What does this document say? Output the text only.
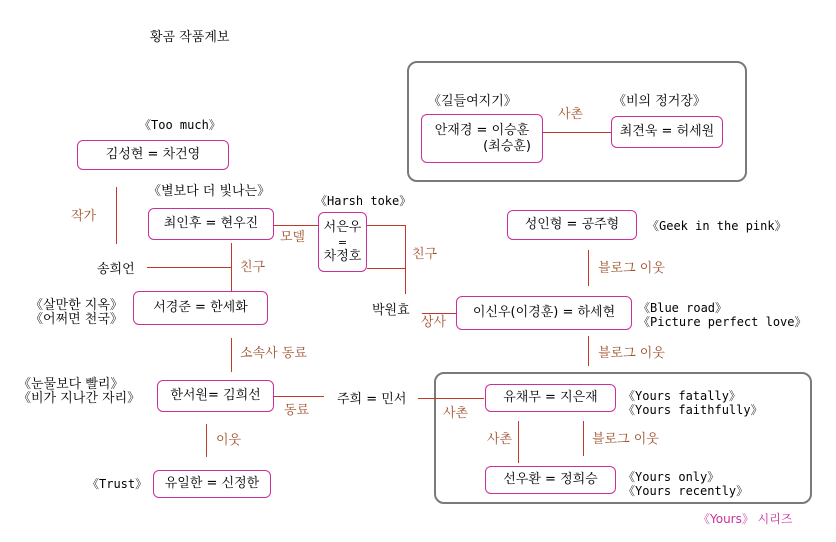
황곰 작품계보
김성현 = 차건영
최인후 = 현우진	서은우
=
차정호
안재경 = 이승훈
(최승훈)
최견욱 = 허세원
성인형 = 공주형
서경준 = 한세화	이신우(이경훈) = 하세현
한서원= 김희선	유채무 = 지은재
유일한 = 신정한	선우환 = 정희승
송희언
박원효
주희 = 민서
《Too much》
《별보다 더 빛나는》
《Harsh toke》
《길들여지기》	《비의 정거장》
《Geek in the pink》
《살만한 지옥》
《어쩌면 천국》
《Blue road》
《Picture perfect love》
《눈물보다 빨리》
《비가 지나간 자리》	《Yours fatally》
《Yours faithfully》
《Trust》	《Yours only》
《Yours recently》
작가
모델
친구
친구
사촌
상사
블로그 이웃
블로그 이웃
소속사 동료
동료	사촌
사촌	블로그 이웃
이웃
《Yours》 시리즈
